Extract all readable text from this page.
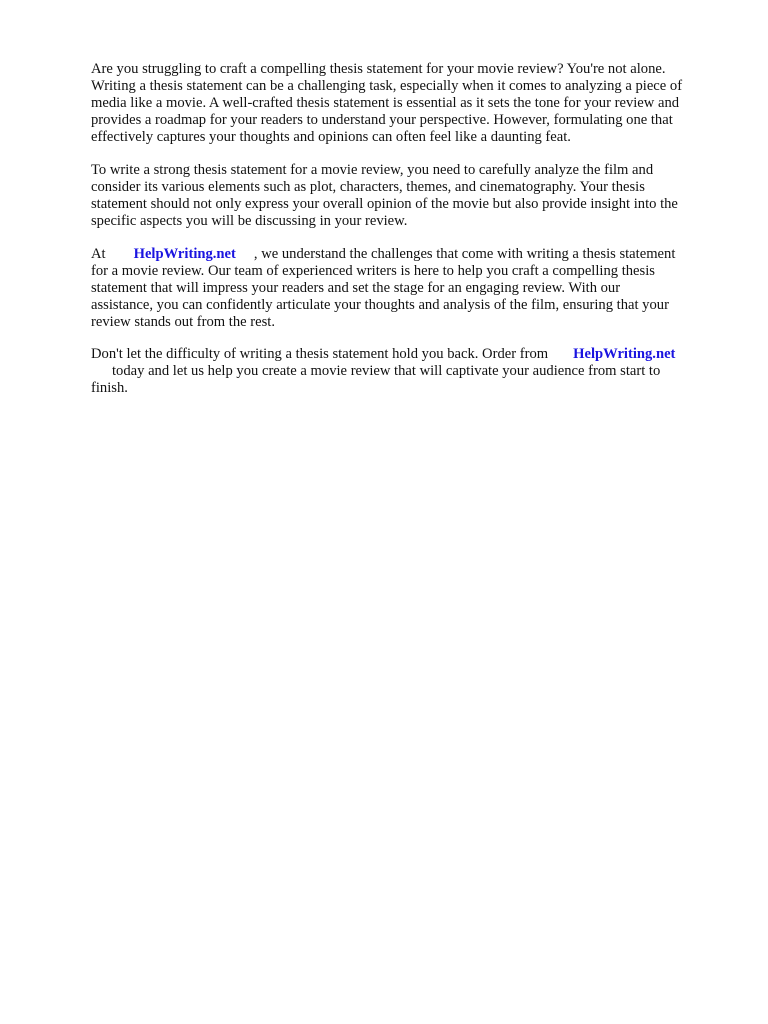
Are you struggling to craft a compelling thesis statement for your movie review? You're not alone.
Writing a thesis statement can be a challenging task, especially when it comes to analyzing a piece of
media like a movie. A well-crafted thesis statement is essential as it sets the tone for your review and
provides a roadmap for your readers to understand your perspective. However, formulating one that
effectively captures your thoughts and opinions can often feel like a daunting feat.
To write a strong thesis statement for a movie review, you need to carefully analyze the film and
consider its various elements such as plot, characters, themes, and cinematography. Your thesis
statement should not only express your overall opinion of the movie but also provide insight into the
specific aspects you will be discussing in your review.
At HelpWriting.net , we understand the challenges that come with writing a thesis statement
for a movie review. Our team of experienced writers is here to help you craft a compelling thesis
statement that will impress your readers and set the stage for an engaging review. With our
assistance, you can confidently articulate your thoughts and analysis of the film, ensuring that your
review stands out from the rest.
Don't let the difficulty of writing a thesis statement hold you back. Order from HelpWriting.net
today and let us help you create a movie review that will captivate your audience from start to
finish.
